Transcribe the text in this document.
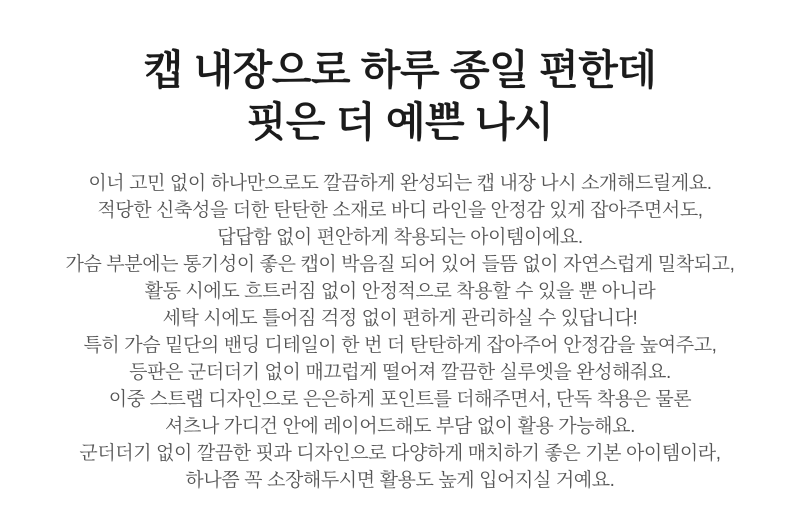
캡 내장으로 하루 종일 편한데
핏은 더 예쁜 나시
이너 고민 없이 하나만으로도 깔끔하게 완성되는 캡 내장 나시 소개해드릴게요.
적당한 신축성을 더한 탄탄한 소재로 바디 라인을 안정감 있게 잡아주면서도,
답답함 없이 편안하게 착용되는 아이템이에요.
가슴 부분에는 통기성이 좋은 캡이 박음질 되어 있어 들뜸 없이 자연스럽게 밀착되고,
활동 시에도 흐트러짐 없이 안정적으로 착용할 수 있을 뿐 아니라
세탁 시에도 틀어짐 걱정 없이 편하게 관리하실 수 있답니다!
특히 가슴 밑단의 밴딩 디테일이 한 번 더 탄탄하게 잡아주어 안정감을 높여주고,
등판은 군더더기 없이 매끄럽게 떨어져 깔끔한 실루엣을 완성해줘요.
이중 스트랩 디자인으로 은은하게 포인트를 더해주면서, 단독 착용은 물론
셔츠나 가디건 안에 레이어드해도 부담 없이 활용 가능해요.
군더더기 없이 깔끔한 핏과 디자인으로 다양하게 매치하기 좋은 기본 아이템이라,
하나쯤 꼭 소장해두시면 활용도 높게 입어지실 거예요.
